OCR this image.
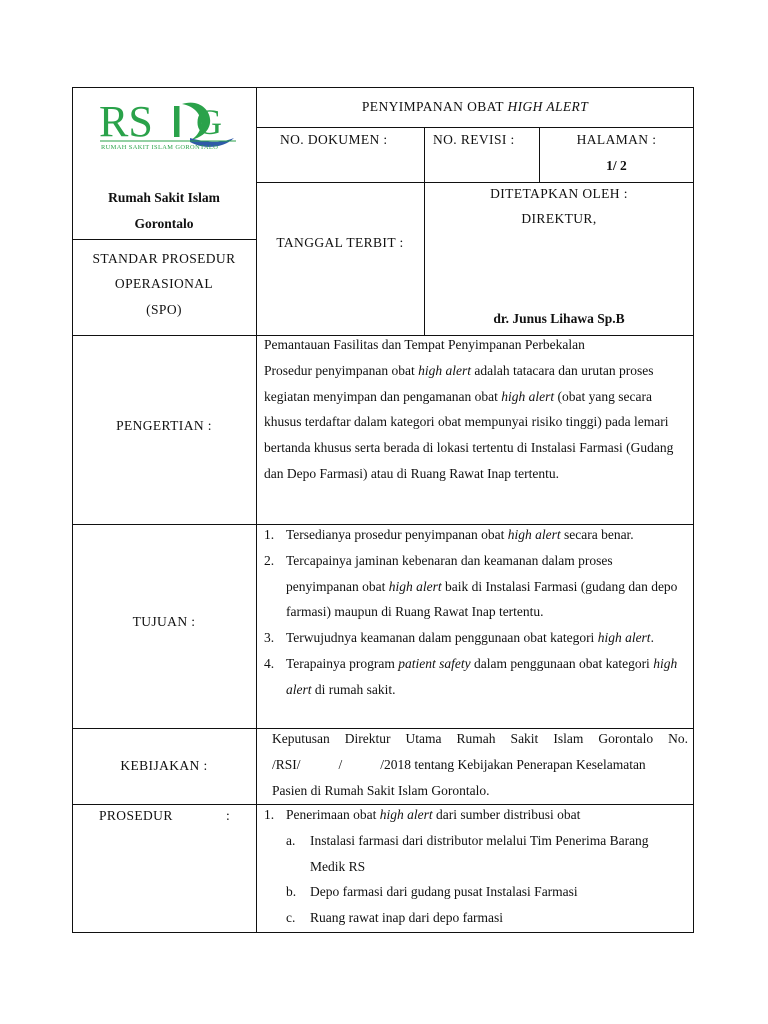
RS G
RUMAH SAKIT ISLAM GORONTALO
PENYIMPANAN OBAT HIGH ALERT
Rumah Sakit Islam
Gorontalo
NO. DOKUMEN :	NO. REVISI :	HALAMAN :
1/ 2
STANDAR PROSEDUR
OPERASIONAL
(SPO)
TANGGAL TERBIT :
DITETAPKAN OLEH :
DIREKTUR,
dr. Junus Lihawa Sp.B
PENGERTIAN :

Pemantauan Fasilitas dan Tempat Penyimpanan Perbekalan

Prosedur penyimpanan obat high alert adalah tatacara dan urutan proses kegiatan menyimpan dan pengamanan obat high alert (obat yang secara khusus terdaftar dalam kategori obat mempunyai risiko tinggi) pada lemari bertanda khusus serta berada di lokasi tertentu di Instalasi Farmasi (Gudang dan Depo Farmasi) atau di Ruang Rawat Inap tertentu.

TUJUAN :
1. Tersedianya prosedur penyimpanan obat high alert secara benar.
2. Tercapainya jaminan kebenaran dan keamanan dalam proses penyimpanan obat high alert baik di Instalasi Farmasi (gudang dan depo farmasi) maupun di Ruang Rawat Inap tertentu.
3. Terwujudnya keamanan dalam penggunaan obat kategori high alert.
4. Terapainya program patient safety dalam penggunaan obat kategori high alert di rumah sakit.
KEBIJAKAN :

Keputusan Direktur Utama Rumah Sakit Islam Gorontalo No.

/RSI/	/	/2018 tentang Kebijakan Penerapan Keselamatan

Pasien di Rumah Sakit Islam Gorontalo.

PROSEDUR	:	1. Penerimaan obat high alert dari sumber distribusi obat
a. Instalasi farmasi dari distributor melalui Tim Penerima Barang Medik RS
b. Depo farmasi dari gudang pusat Instalasi Farmasi
c. Ruang rawat inap dari depo farmasi
